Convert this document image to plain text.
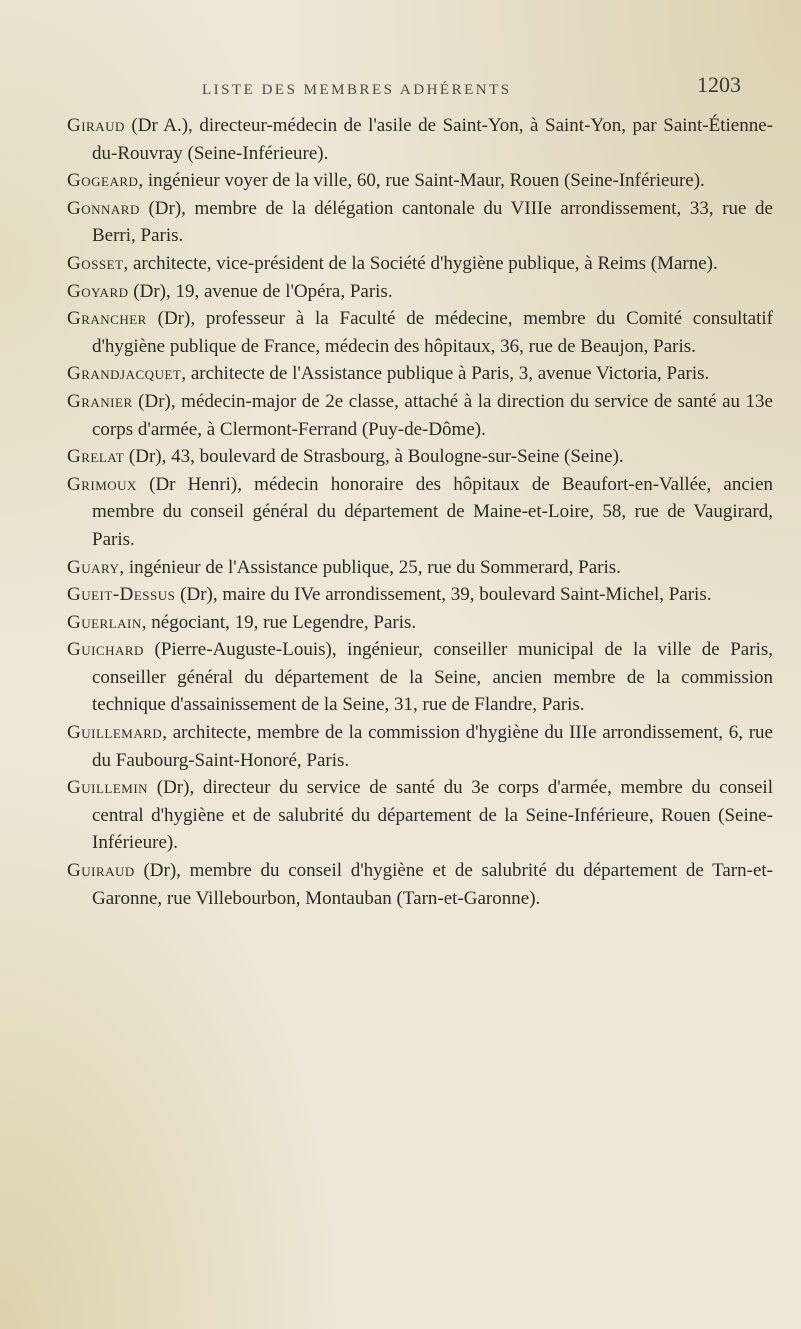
LISTE DES MEMBRES ADHÉRENTS	1203

Giraud (Dr A.), directeur-médecin de l'asile de Saint-Yon, à Saint-Yon, par Saint-Étienne-du-Rouvray (Seine-Inférieure).

Gogeard, ingénieur voyer de la ville, 60, rue Saint-Maur, Rouen (Seine-Inférieure).

Gonnard (Dr), membre de la délégation cantonale du VIIIe arrondissement, 33, rue de Berri, Paris.

Gosset, architecte, vice-président de la Société d'hygiène publique, à Reims (Marne).

Goyard (Dr), 19, avenue de l'Opéra, Paris.

Grancher (Dr), professeur à la Faculté de médecine, membre du Comité consultatif d'hygiène publique de France, médecin des hôpitaux, 36, rue de Beaujon, Paris.

Grandjacquet, architecte de l'Assistance publique à Paris, 3, avenue Victoria, Paris.

Granier (Dr), médecin-major de 2e classe, attaché à la direction du service de santé au 13e corps d'armée, à Clermont-Ferrand (Puy-de-Dôme).

Grelat (Dr), 43, boulevard de Strasbourg, à Boulogne-sur-Seine (Seine).

Grimoux (Dr Henri), médecin honoraire des hôpitaux de Beaufort-en-Vallée, ancien membre du conseil général du département de Maine-et-Loire, 58, rue de Vaugirard, Paris.

Guary, ingénieur de l'Assistance publique, 25, rue du Sommerard, Paris.

Gueit-Dessus (Dr), maire du IVe arrondissement, 39, boulevard Saint-Michel, Paris.

Guerlain, négociant, 19, rue Legendre, Paris.

Guichard (Pierre-Auguste-Louis), ingénieur, conseiller municipal de la ville de Paris, conseiller général du département de la Seine, ancien membre de la commission technique d'assainissement de la Seine, 31, rue de Flandre, Paris.

Guillemard, architecte, membre de la commission d'hygiène du IIIe arrondissement, 6, rue du Faubourg-Saint-Honoré, Paris.

Guillemin (Dr), directeur du service de santé du 3e corps d'armée, membre du conseil central d'hygiène et de salubrité du département de la Seine-Inférieure, Rouen (Seine-Inférieure).

Guiraud (Dr), membre du conseil d'hygiène et de salubrité du département de Tarn-et-Garonne, rue Villebourbon, Montauban (Tarn-et-Garonne).
